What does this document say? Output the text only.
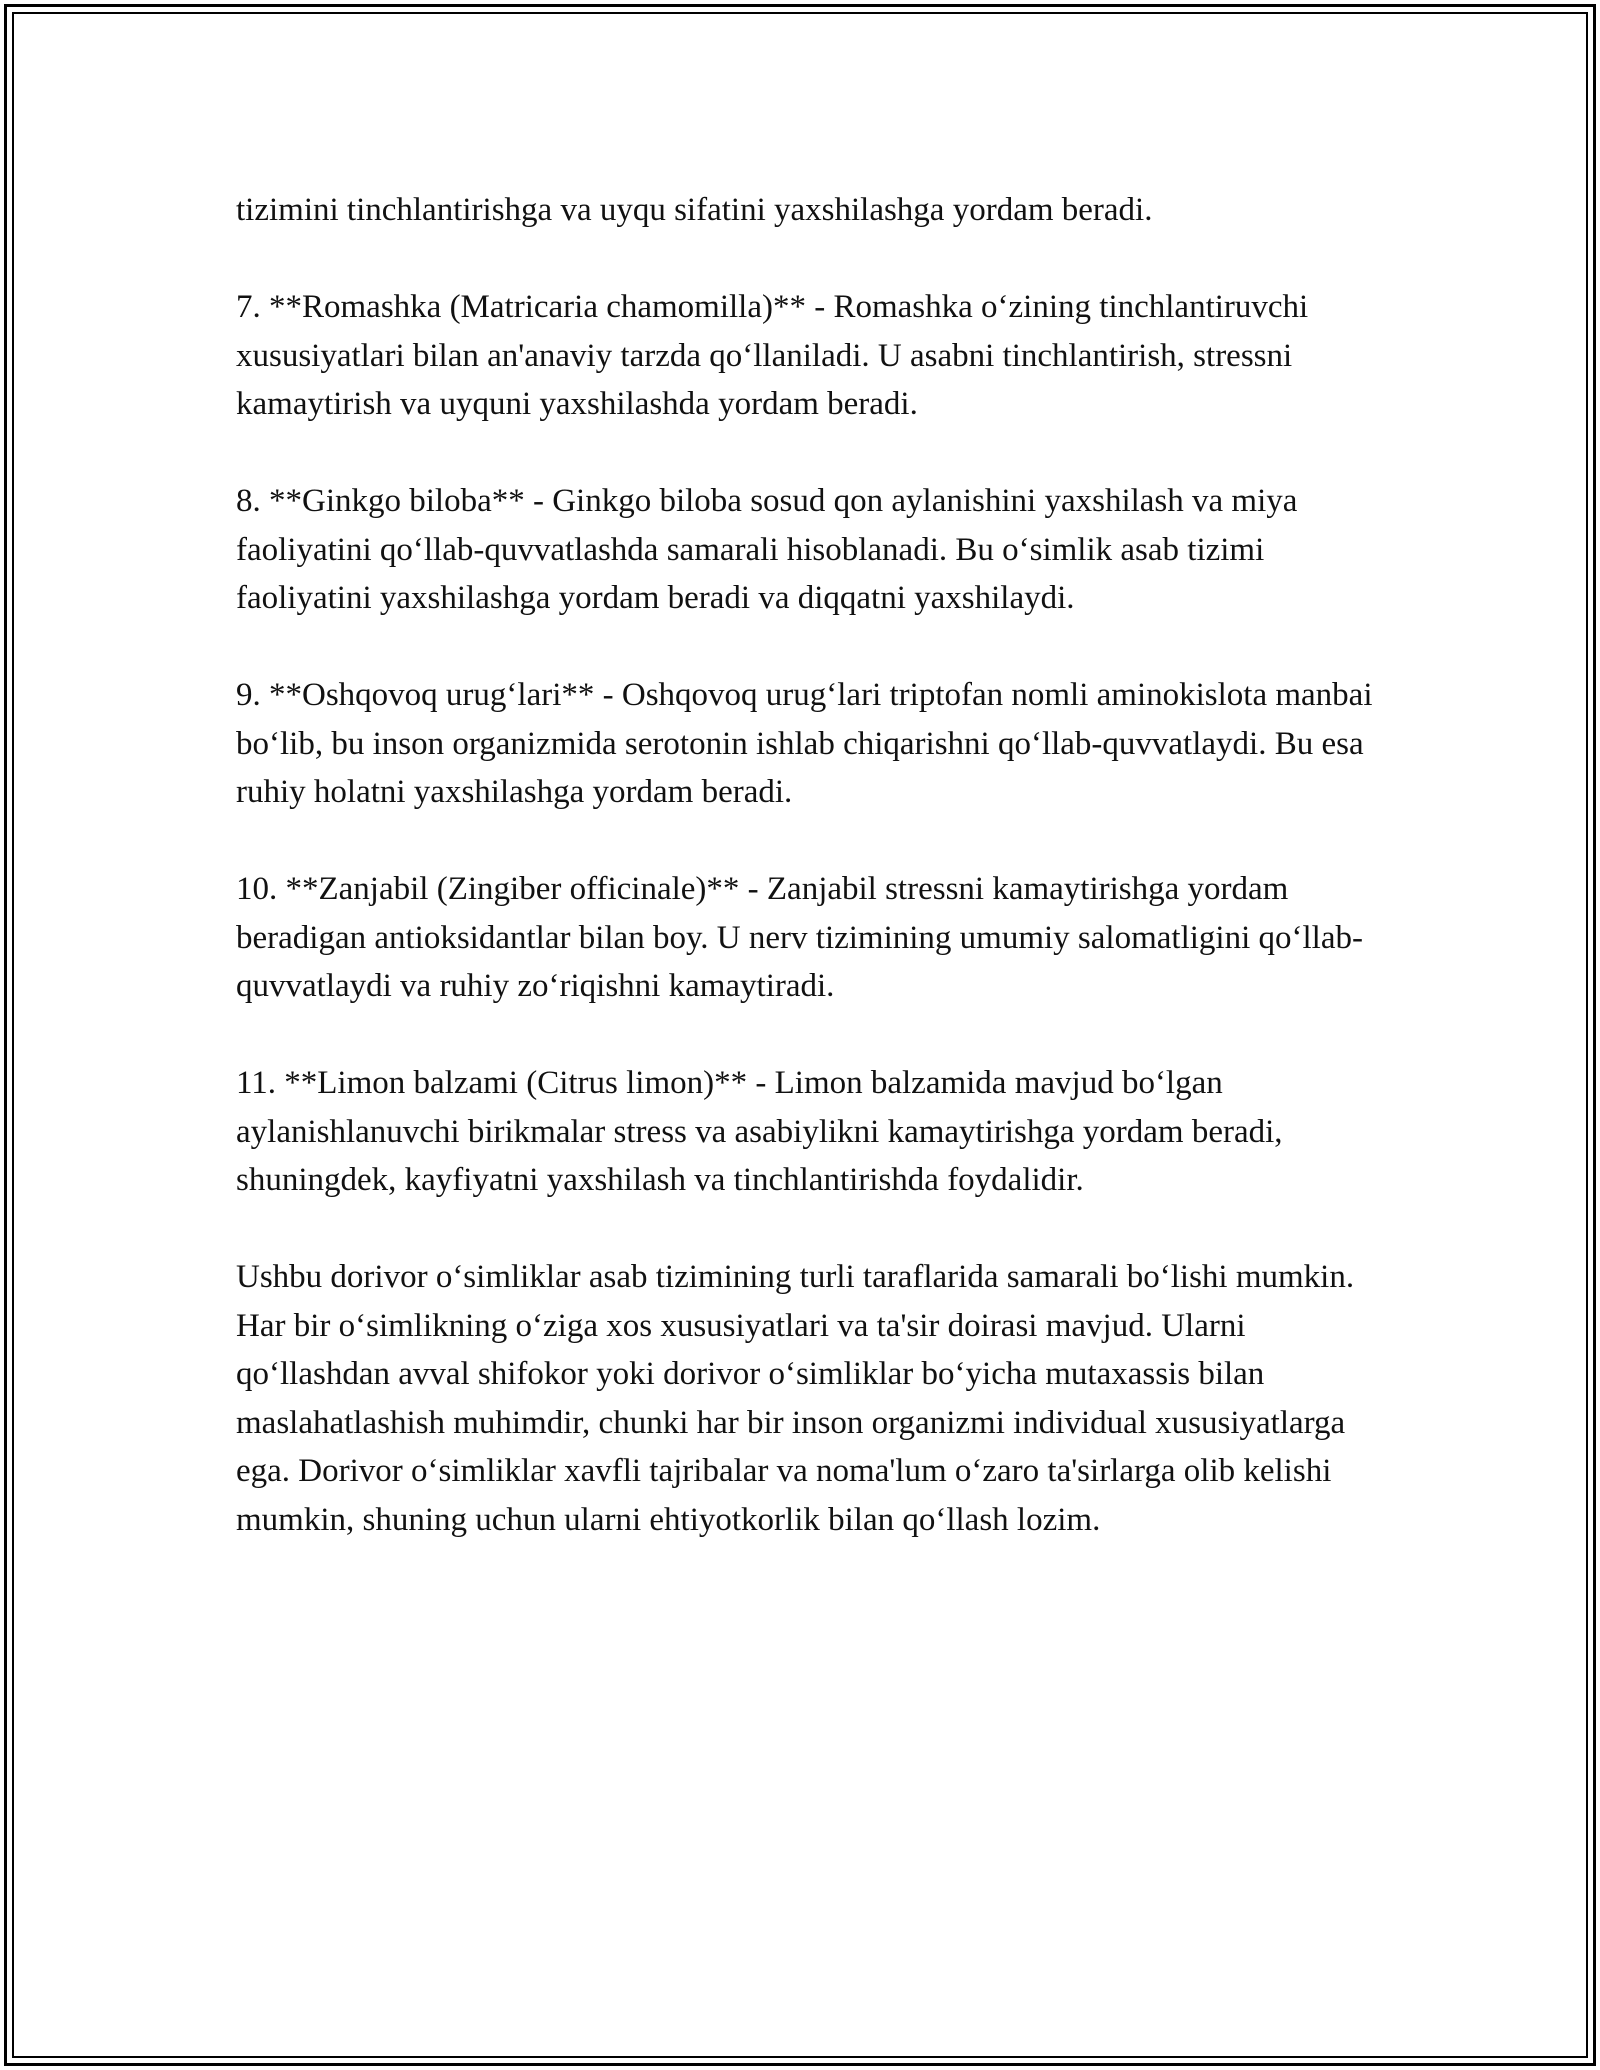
tizimini tinchlantirishga va uyqu sifatini yaxshilashga yordam beradi.

7. **Romashka (Matricaria chamomilla)** - Romashka o‘zining tinchlantiruvchi xususiyatlari bilan an'anaviy tarzda qo‘llaniladi. U asabni tinchlantirish, stressni kamaytirish va uyquni yaxshilashda yordam beradi.

8. **Ginkgo biloba** - Ginkgo biloba sosud qon aylanishini yaxshilash va miya faoliyatini qo‘llab-quvvatlashda samarali hisoblanadi. Bu o‘simlik asab tizimi faoliyatini yaxshilashga yordam beradi va diqqatni yaxshilaydi.

9. **Oshqovoq urug‘lari** - Oshqovoq urug‘lari triptofan nomli aminokislota manbai bo‘lib, bu inson organizmida serotonin ishlab chiqarishni qo‘llab-quvvatlaydi. Bu esa ruhiy holatni yaxshilashga yordam beradi.

10. **Zanjabil (Zingiber officinale)** - Zanjabil stressni kamaytirishga yordam beradigan antioksidantlar bilan boy. U nerv tizimining umumiy salomatligini qo‘llab-quvvatlaydi va ruhiy zo‘riqishni kamaytiradi.

11. **Limon balzami (Citrus limon)** - Limon balzamida mavjud bo‘lgan aylanishlanuvchi birikmalar stress va asabiylikni kamaytirishga yordam beradi, shuningdek, kayfiyatni yaxshilash va tinchlantirishda foydalidir.

Ushbu dorivor o‘simliklar asab tizimining turli taraflarida samarali bo‘lishi mumkin. Har bir o‘simlikning o‘ziga xos xususiyatlari va ta'sir doirasi mavjud. Ularni qo‘llashdan avval shifokor yoki dorivor o‘simliklar bo‘yicha mutaxassis bilan maslahatlashish muhimdir, chunki har bir inson organizmi individual xususiyatlarga ega. Dorivor o‘simliklar xavfli tajribalar va noma'lum o‘zaro ta'sirlarga olib kelishi mumkin, shuning uchun ularni ehtiyotkorlik bilan qo‘llash lozim.
